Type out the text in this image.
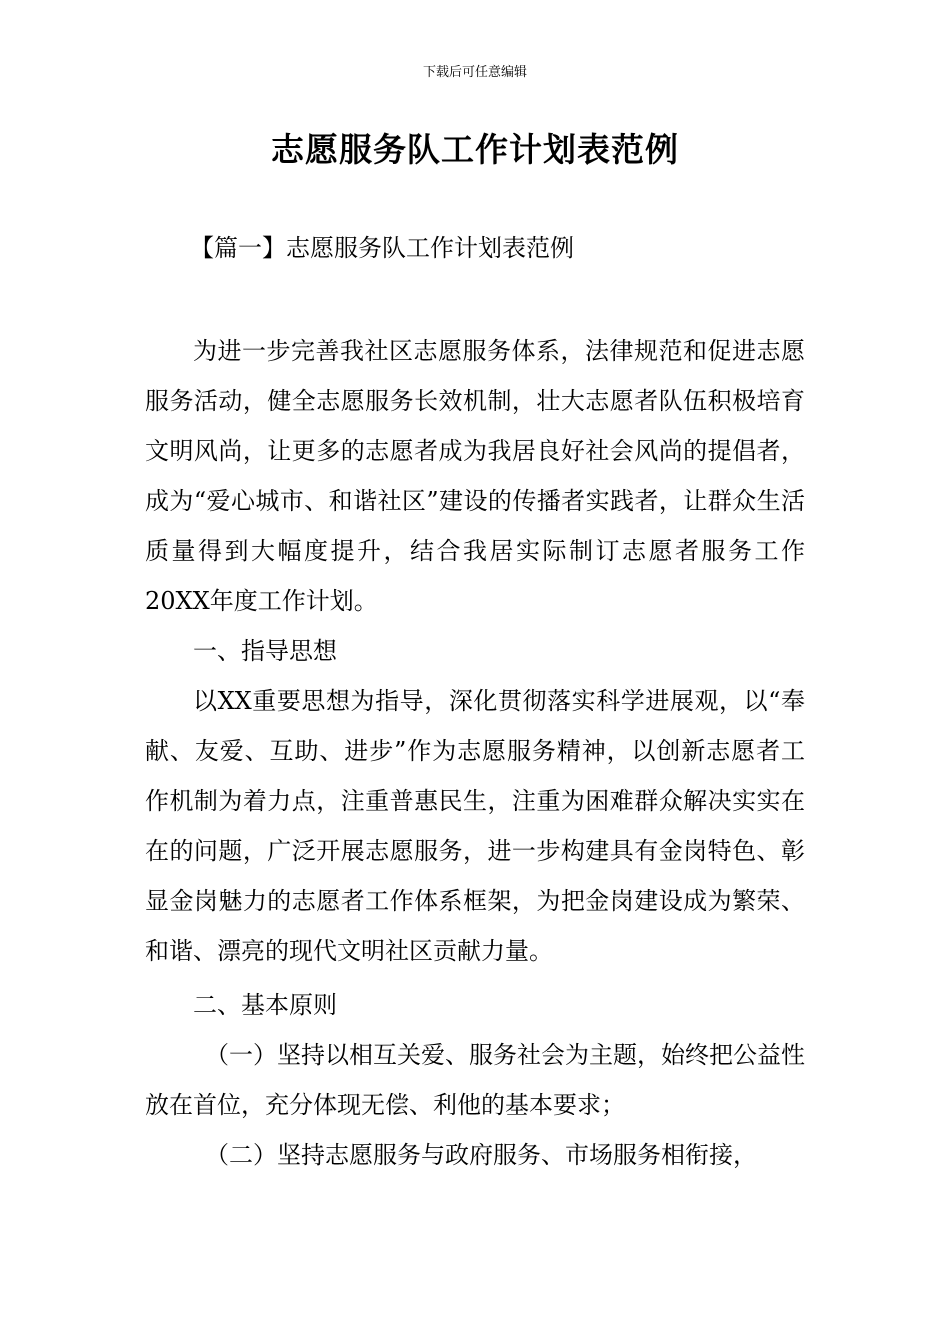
下载后可任意编辑
志愿服务队工作计划表范例

【篇一】志愿服务队工作计划表范例

为进一步完善我社区志愿服务体系，法律规范和促进志愿服务活动，健全志愿服务长效机制，壮大志愿者队伍积极培育文明风尚，让更多的志愿者成为我居良好社会风尚的提倡者，成为“爱心城市、和谐社区”建设的传播者实践者，让群众生活质量得到大幅度提升，结合我居实际制订志愿者服务工作20XX年度工作计划。

一、指导思想

以XX重要思想为指导，深化贯彻落实科学进展观，以“奉献、友爱、互助、进步”作为志愿服务精神，以创新志愿者工作机制为着力点，注重普惠民生，注重为困难群众解决实实在在的问题，广泛开展志愿服务，进一步构建具有金岗特色、彰显金岗魅力的志愿者工作体系框架，为把金岗建设成为繁荣、和谐、漂亮的现代文明社区贡献力量。

二、基本原则

（一）坚持以相互关爱、服务社会为主题，始终把公益性放在首位，充分体现无偿、利他的基本要求；

（二）坚持志愿服务与政府服务、市场服务相衔接，
